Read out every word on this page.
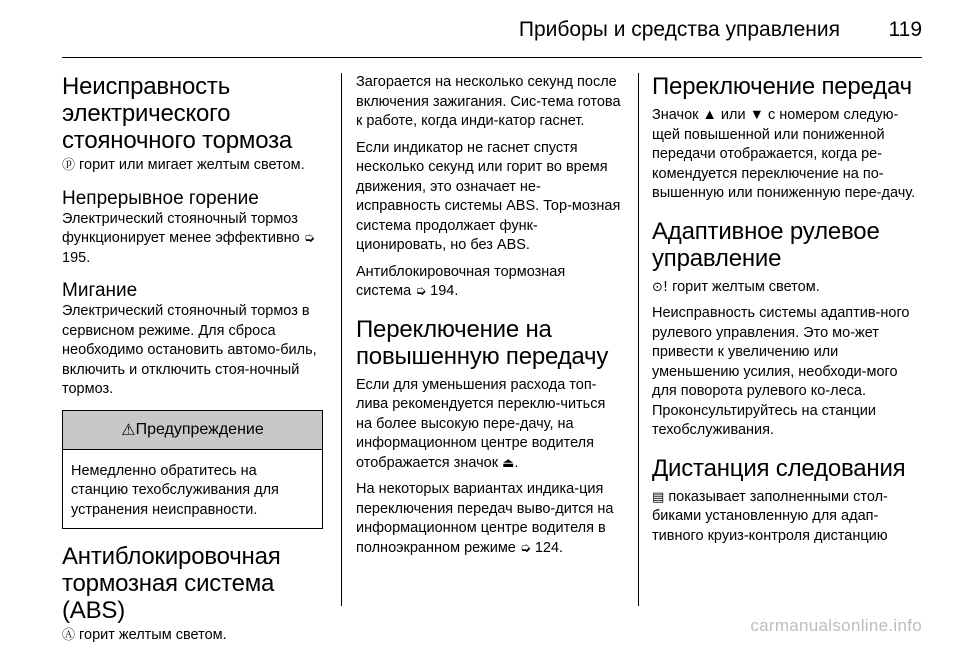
Приборы и средства управления 119
Неисправность электрического стояночного тормоза

ⓟ горит или мигает желтым светом.

Непрерывное горение

Электрический стояночный тормоз функционирует менее эффективно ➭ 195.

Мигание

Электрический стояночный тормоз в сервисном режиме. Для сброса необходимо остановить автомо-биль, включить и отключить стоя-ночный тормоз.

⚠ Предупреждение

Немедленно обратитесь на станцию техобслуживания для устранения неисправности.

Антиблокировочная тормозная система (ABS)

Ⓐ горит желтым светом.

Загорается на несколько секунд после включения зажигания. Сис-тема готова к работе, когда инди-катор гаснет.

Если индикатор не гаснет спустя несколько секунд или горит во время движения, это означает не-исправность системы ABS. Тор-мозная система продолжает функ-ционировать, но без ABS.

Антиблокировочная тормозная система ➭ 194.

Переключение на повышенную передачу

Если для уменьшения расхода топ-лива рекомендуется переклю-читься на более высокую пере-дачу, на информационном центре водителя отображается значок ⏏.

На некоторых вариантах индика-ция переключения передач выво-дится на информационном центре водителя в полноэкранном режиме ➭ 124.

Переключение передач

Значок ▲ или ▼ с номером следую-щей повышенной или пониженной передачи отображается, когда ре-комендуется переключение на по-вышенную или пониженную пере-дачу.

Адаптивное рулевое управление

⊙! горит желтым светом.

Неисправность системы адаптив-ного рулевого управления. Это мо-жет привести к увеличению или уменьшению усилия, необходи-мого для поворота рулевого ко-леса. Проконсультируйтесь на станции техобслуживания.

Дистанция следования

▤ показывает заполненными стол-биками установленную для адап-тивного круиз-контроля дистанцию

carmanualsonline.info
